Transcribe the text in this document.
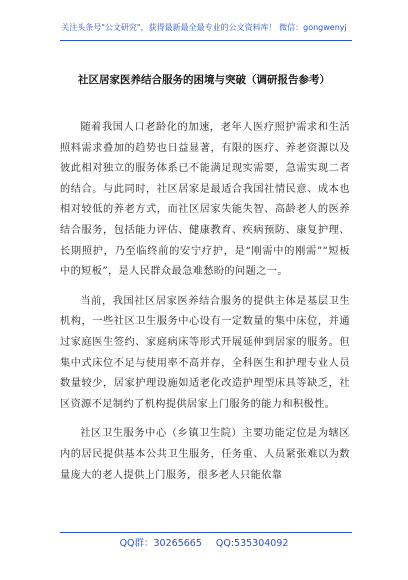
关注头条号"公文研究"，获得最新最全最专业的公文资料库！ 微信：gongwenyj
社区居家医养结合服务的困境与突破（调研报告参考）

随着我国人口老龄化的加速，老年人医疗照护需求和生活照料需求叠加的趋势也日益显著，有限的医疗、养老资源以及彼此相对独立的服务体系已不能满足现实需要，急需实现二者的结合。与此同时，社区居家是最适合我国社情民意、成本也相对较低的养老方式，而社区居家失能失智、高龄老人的医养结合服务，包括能力评估、健康教育、疾病预防、康复护理、长期照护，乃至临终前的安宁疗护，是“刚需中的刚需”“短板中的短板”，是人民群众最急难愁盼的问题之一。

当前，我国社区居家医养结合服务的提供主体是基层卫生机构，一些社区卫生服务中心设有一定数量的集中床位，并通过家庭医生签约、家庭病床等形式开展延伸到居家的服务。但集中式床位不足与使用率不高并存，全科医生和护理专业人员数量较少，居家护理设施如适老化改造护理型床具等缺乏，社区资源不足制约了机构提供居家上门服务的能力和积极性。

社区卫生服务中心（乡镇卫生院）主要功能定位是为辖区内的居民提供基本公共卫生服务，任务重、人员紧张难以为数量庞大的老人提供上门服务，很多老人只能依靠

QQ群：30265665 QQ:535304092
